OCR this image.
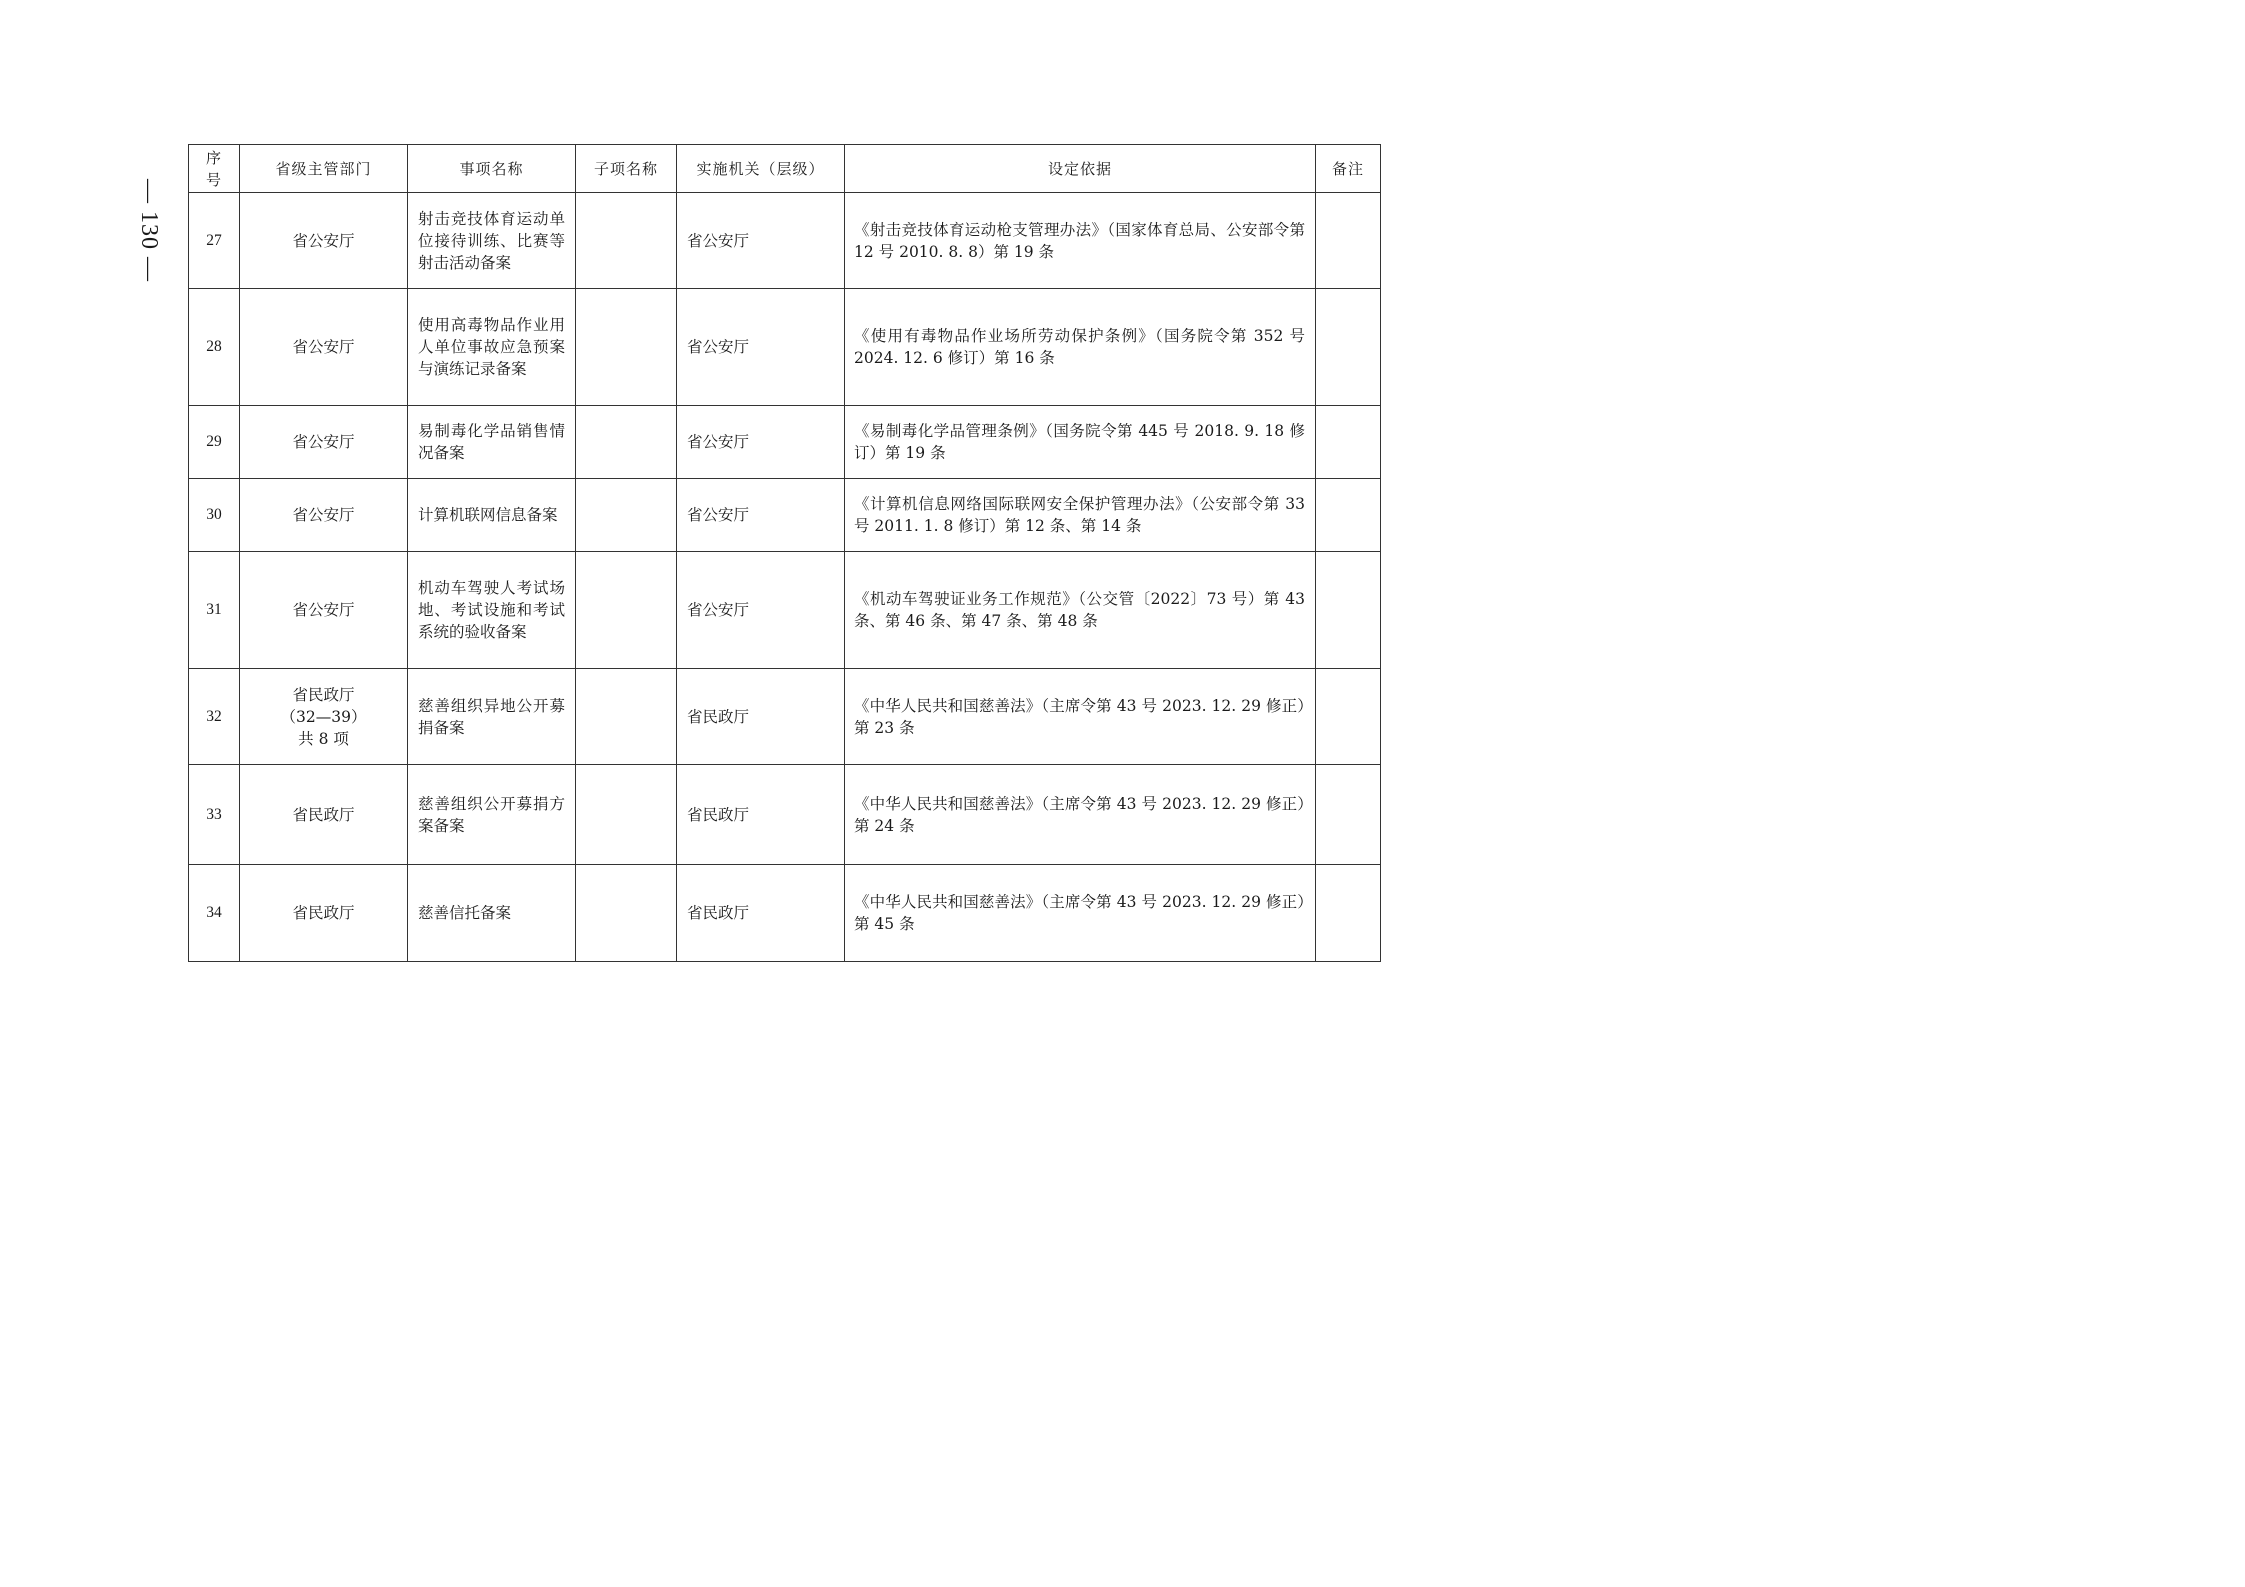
— 130 —
序号	省级主管部门	事项名称	子项名称	实施机关（层级）	设定依据	备注
27	省公安厅	射击竞技体育运动单位接待训练、比赛等射击活动备案		省公安厅	《射击竞技体育运动枪支管理办法》（国家体育总局、公安部令第 12 号 2010. 8. 8）第 19 条	
28	省公安厅	使用高毒物品作业用人单位事故应急预案与演练记录备案		省公安厅	《使用有毒物品作业场所劳动保护条例》（国务院令第 352 号 2024. 12. 6 修订）第 16 条	
29	省公安厅	易制毒化学品销售情况备案		省公安厅	《易制毒化学品管理条例》（国务院令第 445 号 2018. 9. 18 修订）第 19 条	
30	省公安厅	计算机联网信息备案		省公安厅	《计算机信息网络国际联网安全保护管理办法》（公安部令第 33 号 2011. 1. 8 修订）第 12 条、第 14 条	
31	省公安厅	机动车驾驶人考试场地、考试设施和考试系统的验收备案		省公安厅	《机动车驾驶证业务工作规范》（公交管〔2022〕73 号）第 43 条、第 46 条、第 47 条、第 48 条	
32	省民政厅
（32—39）
共 8 项	慈善组织异地公开募捐备案		省民政厅	《中华人民共和国慈善法》（主席令第 43 号 2023. 12. 29 修正）第 23 条	
33	省民政厅	慈善组织公开募捐方案备案		省民政厅	《中华人民共和国慈善法》（主席令第 43 号 2023. 12. 29 修正）第 24 条	
34	省民政厅	慈善信托备案		省民政厅	《中华人民共和国慈善法》（主席令第 43 号 2023. 12. 29 修正）第 45 条	
